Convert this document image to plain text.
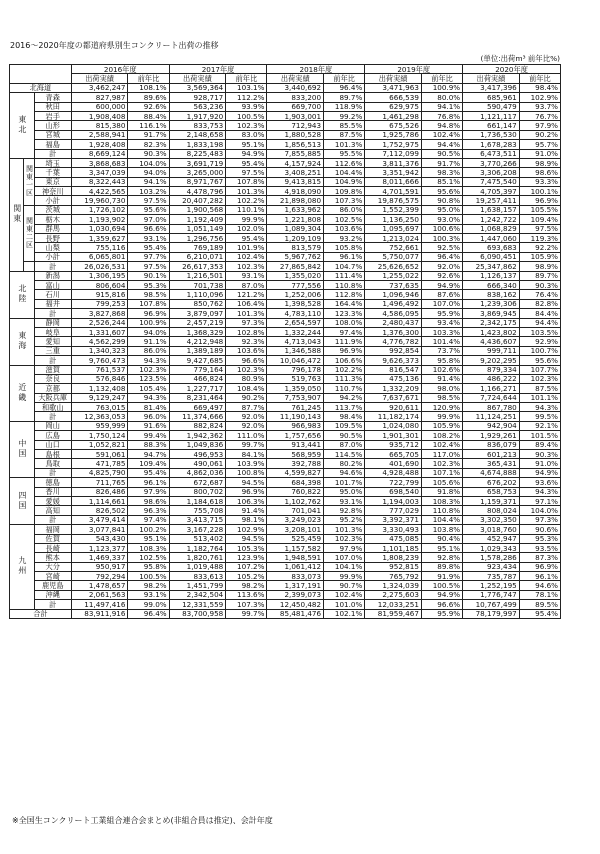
2016～2020年度の都道府県別生コンクリート出荷の推移
(単位:出荷m³ 前年比%)
			2016年度		2017年度		2018年度		2019年度		2020年度	
			出荷実績	前年比	出荷実績	前年比	出荷実績	前年比	出荷実績	前年比	出荷実績	前年比
北海道			3,462,247	108.1%	3,569,364	103.1%	3,440,692	96.4%	3,471,963	100.9%	3,417,396	98.4%
東北		青森	827,987	89.6%	928,717	112.2%	833,200	89.7%	666,539	80.0%	685,961	102.9%
		秋田	600,000	92.6%	563,236	93.9%	669,700	118.9%	629,975	94.1%	590,479	93.7%
		岩手	1,908,408	88.4%	1,917,920	100.5%	1,903,001	99.2%	1,461,298	76.8%	1,121,117	76.7%
		山形	815,380	116.1%	833,753	102.3%	712,943	85.5%	675,526	94.8%	661,147	97.9%
		宮城	2,588,941	91.7%	2,148,658	83.0%	1,880,528	87.5%	1,925,786	102.4%	1,736,530	90.2%
		福島	1,928,408	82.3%	1,833,198	95.1%	1,856,513	101.3%	1,752,975	94.4%	1,678,283	95.7%
		計	8,669,124	90.3%	8,225,483	94.9%	7,855,885	95.5%	7,112,099	90.5%	6,473,511	91.0%
関東	関東一区	埼玉	3,868,683	104.0%	3,691,719	95.4%	4,157,924	112.6%	3,811,376	91.7%	3,770,266	98.9%
		千葉	3,347,039	94.0%	3,265,000	97.5%	3,408,251	104.4%	3,351,942	98.3%	3,306,208	98.6%
		東京	8,322,443	94.1%	8,971,767	107.8%	9,413,815	104.9%	8,011,666	85.1%	7,475,540	93.3%
		神奈川	4,422,565	103.2%	4,478,796	101.3%	4,918,090	109.8%	4,701,591	95.6%	4,705,397	100.1%
		小計	19,960,730	97.5%	20,407,282	102.2%	21,898,080	107.3%	19,876,575	90.8%	19,257,411	96.9%
	関東二区	茨城	1,726,102	95.6%	1,900,568	110.1%	1,633,962	86.0%	1,552,399	95.0%	1,638,157	105.5%
		栃木	1,193,902	97.0%	1,192,409	99.9%	1,221,808	102.5%	1,136,250	93.0%	1,242,722	109.4%
		群馬	1,030,694	96.6%	1,051,149	102.0%	1,089,304	103.6%	1,095,697	100.6%	1,068,829	97.5%
		長野	1,359,627	93.1%	1,296,756	95.4%	1,209,109	93.2%	1,213,024	100.3%	1,447,060	119.3%
		山梨	755,116	95.4%	769,189	101.9%	813,579	105.8%	752,661	92.5%	693,683	92.2%
		小計	6,065,801	97.7%	6,210,071	102.4%	5,967,762	96.1%	5,750,077	96.4%	6,090,451	105.9%
		計	26,026,531	97.5%	26,617,353	102.3%	27,865,842	104.7%	25,626,652	92.0%	25,347,862	98.9%
北陸		新潟	1,306,195	90.1%	1,216,501	93.1%	1,355,020	111.4%	1,255,022	92.6%	1,126,137	89.7%
		富山	806,604	95.3%	701,738	87.0%	777,556	110.8%	737,635	94.9%	666,340	90.3%
		石川	915,816	98.5%	1,110,096	121.2%	1,252,006	112.8%	1,096,946	87.6%	838,162	76.4%
		福井	799,253	107.8%	850,762	106.4%	1,398,528	164.4%	1,496,492	107.0%	1,239,306	82.8%
		計	3,827,868	96.9%	3,879,097	101.3%	4,783,110	123.3%	4,586,095	95.9%	3,869,945	84.4%
東海		静岡	2,526,244	100.9%	2,457,219	97.3%	2,654,597	108.0%	2,480,437	93.4%	2,342,175	94.4%
		岐阜	1,331,607	94.0%	1,368,329	102.8%	1,332,244	97.4%	1,376,300	103.3%	1,423,802	103.5%
		愛知	4,562,299	91.1%	4,212,948	92.3%	4,713,043	111.9%	4,776,782	101.4%	4,436,607	92.9%
		三重	1,340,323	86.0%	1,389,189	103.6%	1,346,588	96.9%	992,854	73.7%	999,711	100.7%
		計	9,760,473	94.3%	9,427,685	96.6%	10,046,472	106.6%	9,626,373	95.8%	9,202,295	95.6%
近畿		滋賀	761,537	102.3%	779,164	102.3%	796,178	102.2%	816,547	102.6%	879,334	107.7%
		奈良	576,846	123.5%	466,824	80.9%	519,763	111.3%	475,136	91.4%	486,222	102.3%
		京都	1,132,408	105.4%	1,227,717	108.4%	1,359,050	110.7%	1,332,209	98.0%	1,166,271	87.5%
		大阪兵庫	9,129,247	94.3%	8,231,464	90.2%	7,753,907	94.2%	7,637,671	98.5%	7,724,644	101.1%
		和歌山	763,015	81.4%	669,497	87.7%	761,245	113.7%	920,611	120.9%	867,780	94.3%
		計	12,363,053	96.0%	11,374,666	92.0%	11,190,143	98.4%	11,182,174	99.9%	11,124,251	99.5%
中国		岡山	959,999	91.6%	882,824	92.0%	966,983	109.5%	1,024,080	105.9%	942,904	92.1%
		広島	1,750,124	99.4%	1,942,362	111.0%	1,757,656	90.5%	1,901,301	108.2%	1,929,261	101.5%
		山口	1,052,821	88.3%	1,049,836	99.7%	913,441	87.0%	935,712	102.4%	836,079	89.4%
		島根	591,061	94.7%	496,953	84.1%	568,959	114.5%	665,705	117.0%	601,213	90.3%
		鳥取	471,785	109.4%	490,061	103.9%	392,788	80.2%	401,690	102.3%	365,431	91.0%
		計	4,825,790	95.4%	4,862,036	100.8%	4,599,827	94.6%	4,928,488	107.1%	4,674,888	94.9%
四国		徳島	711,765	96.1%	672,687	94.5%	684,398	101.7%	722,799	105.6%	676,202	93.6%
		香川	826,486	97.9%	800,702	96.9%	760,822	95.0%	698,540	91.8%	658,753	94.3%
		愛媛	1,114,661	98.6%	1,184,618	106.3%	1,102,762	93.1%	1,194,003	108.3%	1,159,371	97.1%
		高知	826,502	96.3%	755,708	91.4%	701,041	92.8%	777,029	110.8%	808,024	104.0%
		計	3,479,414	97.4%	3,413,715	98.1%	3,249,023	95.2%	3,392,371	104.4%	3,302,350	97.3%
九州		福岡	3,077,841	100.2%	3,167,228	102.9%	3,208,101	101.3%	3,330,493	103.8%	3,018,760	90.6%
		佐賀	543,430	95.1%	513,402	94.5%	525,459	102.3%	475,085	90.4%	452,947	95.3%
		長崎	1,123,377	108.3%	1,182,764	105.3%	1,157,582	97.9%	1,101,185	95.1%	1,029,343	93.5%
		熊本	1,469,337	102.5%	1,820,761	123.9%	1,948,591	107.0%	1,808,239	92.8%	1,578,286	87.3%
		大分	950,917	95.8%	1,019,488	107.2%	1,061,412	104.1%	952,815	89.8%	923,434	96.9%
		宮崎	792,294	100.5%	833,613	105.2%	833,073	99.9%	765,792	91.9%	735,787	96.1%
		鹿児島	1,478,657	98.2%	1,451,799	98.2%	1,317,191	90.7%	1,324,039	100.5%	1,252,195	94.6%
		沖縄	2,061,563	93.1%	2,342,504	113.6%	2,399,073	102.4%	2,275,603	94.9%	1,776,747	78.1%
		計	11,497,416	99.0%	12,331,559	107.3%	12,450,482	101.0%	12,033,251	96.6%	10,767,499	89.5%
合計			83,911,916	96.4%	83,700,958	99.7%	85,481,476	102.1%	81,959,467	95.9%	78,179,997	95.4%
※全国生コンクリート工業組合連合会まとめ(非組合員は推定)、会計年度
